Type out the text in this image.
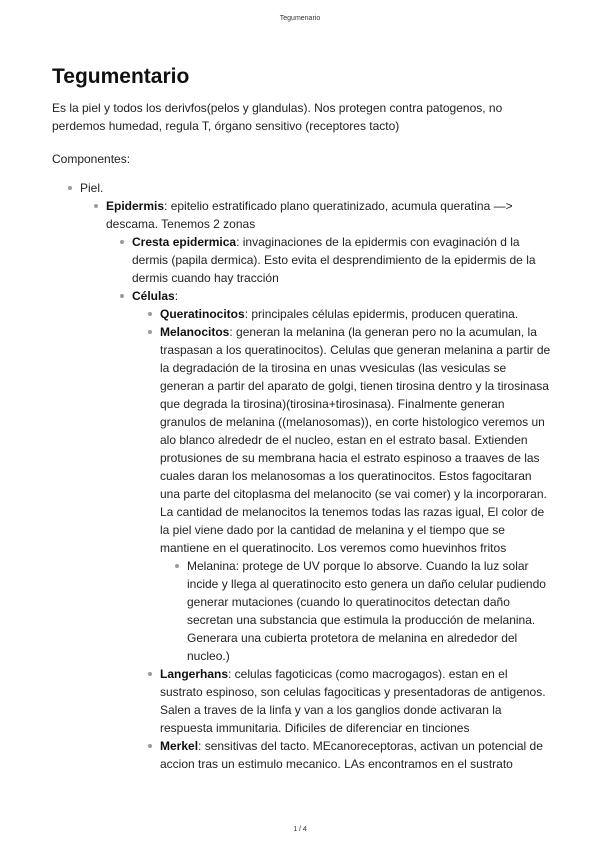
Tegumenario
Tegumentario

Es la piel y todos los derivfos(pelos y glandulas). Nos protegen contra patogenos, no perdemos humedad, regula T, órgano sensitivo (receptores tacto)

Componentes:

Piel.
Epidermis: epitelio estratificado plano queratinizado, acumula queratina —> descama. Tenemos 2 zonas
Cresta epidermica: invaginaciones de la epidermis con evaginación d la dermis (papila dermica). Esto evita el desprendimiento de la epidermis de la dermis cuando hay tracción
Células:
Queratinocitos: principales células epidermis, producen queratina.
Melanocitos: generan la melanina (la generan pero no la acumulan, la traspasan a los queratinocitos). Celulas que generan melanina a partir de la degradación de la tirosina en unas vvesiculas (las vesiculas se generan a partir del aparato de golgi, tienen tirosina dentro y la tirosinasa que degrada la tirosina)(tirosina+tirosinasa). Finalmente generan granulos de melanina ((melanosomas)), en corte histologico veremos un alo blanco alrededr de el nucleo, estan en el estrato basal. Extienden protusiones de su membrana hacia el estrato espinoso a traaves de las cuales daran los melanosomas a los queratinocitos. Estos fagocitaran una parte del citoplasma del melanocito (se vai comer) y la incorporaran. La cantidad de melanocitos la tenemos todas las razas igual, El color de la piel viene dado por la cantidad de melanina y el tiempo que se mantiene en el queratinocito. Los veremos como huevinhos fritos
Melanina: protege de UV porque lo absorve. Cuando la luz solar incide y llega al queratinocito esto genera un daño celular pudiendo generar mutaciones (cuando lo queratinocitos detectan daño secretan una substancia que estimula la producción de melanina. Generara una cubierta protetora de melanina en alrededor del nucleo.)
Langerhans: celulas fagoticicas (como macrogagos). estan en el sustrato espinoso, son celulas fagociticas y presentadoras de antigenos. Salen a traves de la linfa y van a los ganglios donde activaran la respuesta immunitaria. Dificiles de diferenciar en tinciones
Merkel: sensitivas del tacto. MEcanoreceptoras, activan un potencial de accion tras un estimulo mecanico. LAs encontramos en el sustrato
1 / 4
